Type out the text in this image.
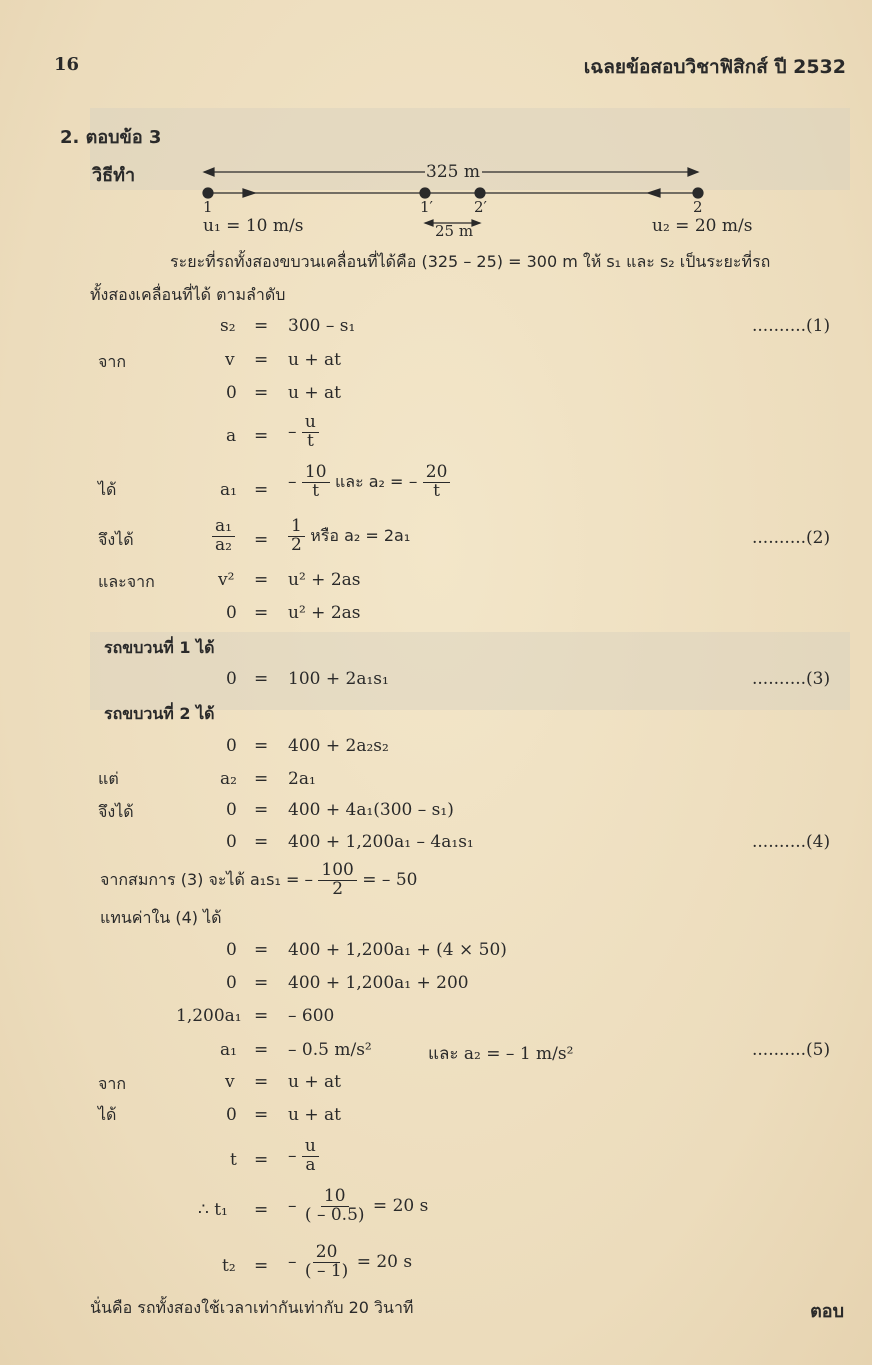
16	เฉลยข้อสอบวิชาฟิสิกส์ ปี 2532
2. ตอบข้อ 3
วิธีทำ	325 m
1	1′	2′	2
u₁ = 10 m/s	25 m	u₂ = 20 m/s
ระยะที่รถทั้งสองขบวนเคลื่อนที่ได้คือ (325 – 25) = 300 m ให้ s₁ และ s₂ เป็นระยะที่รถ
ทั้งสองเคลื่อนที่ได้ ตามลำดับ
s₂ = 300 – s₁	..........(1)
จาก	v = u + at
0 = u + at
a = – $\frac{u}{t}$
ได้	a₁ = – $\frac{10}{t}$ และ a₂ = – $\frac{20}{t}$
จึงได้	$\frac{\text{a₁}}{\text{a₂}} = \frac{1}{2}$ หรือ a₂ = 2a₁	..........(2)
และจาก	v² = u² + 2as
0 = u² + 2as
รถขบวนที่ 1 ได้
0 = 100 + 2a₁s₁	..........(3)
รถขบวนที่ 2 ได้
0 = 400 + 2a₂s₂
แต่	a₂ = 2a₁
จึงได้	0 = 400 + 4a₁(300 – s₁)
0 = 400 + 1,200a₁ – 4a₁s₁	..........(4)
จากสมการ (3) จะได้ a₁s₁ = – $\frac{100}{2}$ = – 50
แทนค่าใน (4) ได้
0 = 400 + 1,200a₁ + (4 × 50)
0 = 400 + 1,200a₁ + 200
1,200a₁ = – 600
a₁ = – 0.5 m/s²	และ a₂ = – 1 m/s²	..........(5)
จาก	v = u + at
ได้	0 = u + at
t = – $\frac{u}{a}$
∴ t₁ = – $\frac{10}{( - 0.5)} = 20$ s
t₂ = – $\frac{20}{( - 1)} = 20$ s
นั่นคือ รถทั้งสองใช้เวลาเท่ากันเท่ากับ 20 วินาที	ตอบ
